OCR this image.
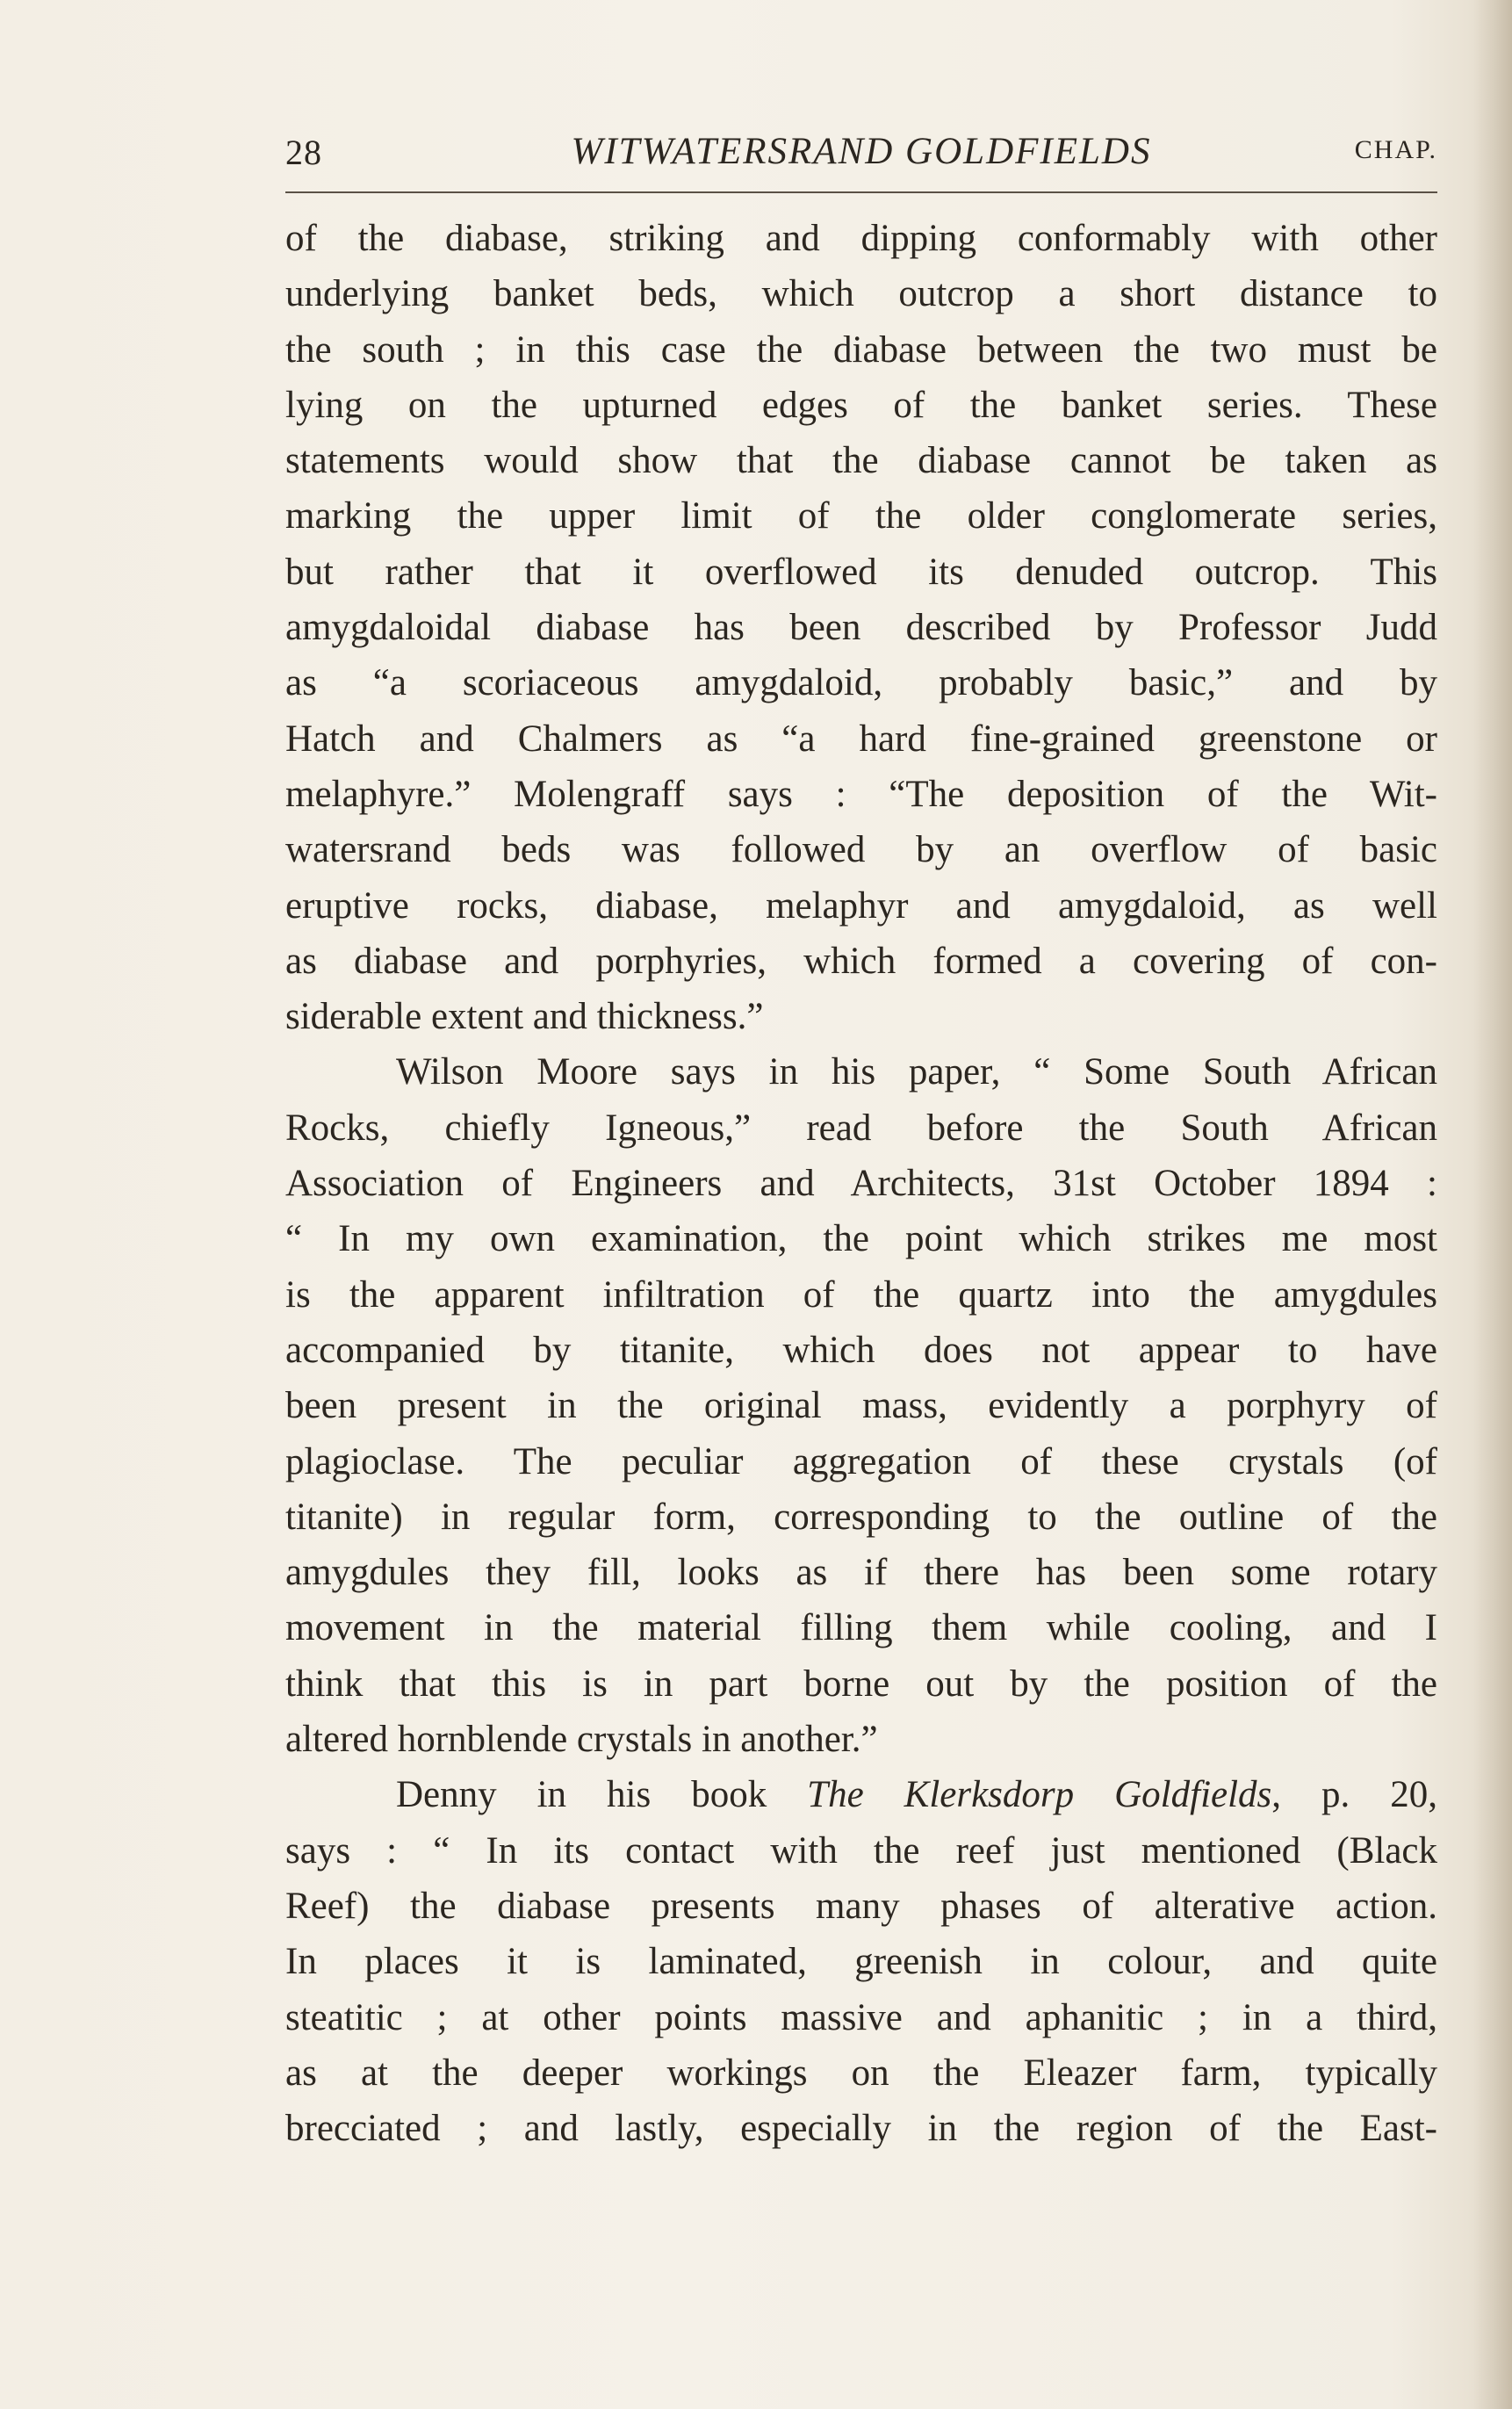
28	WITWATERSRAND GOLDFIELDS	CHAP.

of the diabase, striking and dipping conformably with other
underlying banket beds, which outcrop a short distance to
the south ; in this case the diabase between the two must be
lying on the upturned edges of the banket series. These
statements would show that the diabase cannot be taken as
marking the upper limit of the older conglomerate series,
but rather that it overflowed its denuded outcrop. This
amygdaloidal diabase has been described by Professor Judd
as “a scoriaceous amygdaloid, probably basic,” and by
Hatch and Chalmers as “a hard fine-grained greenstone or
melaphyre.” Molengraff says : “The deposition of the Wit-
watersrand beds was followed by an overflow of basic
eruptive rocks, diabase, melaphyr and amygdaloid, as well
as diabase and porphyries, which formed a covering of con-
siderable extent and thickness.”

Wilson Moore says in his paper, “ Some South African
Rocks, chiefly Igneous,” read before the South African
Association of Engineers and Architects, 31st October 1894 :
“ In my own examination, the point which strikes me most
is the apparent infiltration of the quartz into the amygdules
accompanied by titanite, which does not appear to have
been present in the original mass, evidently a porphyry of
plagioclase. The peculiar aggregation of these crystals (of
titanite) in regular form, corresponding to the outline of the
amygdules they fill, looks as if there has been some rotary
movement in the material filling them while cooling, and I
think that this is in part borne out by the position of the
altered hornblende crystals in another.”

Denny in his book The Klerksdorp Goldfields, p. 20,
says : “ In its contact with the reef just mentioned (Black
Reef) the diabase presents many phases of alterative action.
In places it is laminated, greenish in colour, and quite
steatitic ; at other points massive and aphanitic ; in a third,
as at the deeper workings on the Eleazer farm, typically
brecciated ; and lastly, especially in the region of the East-
